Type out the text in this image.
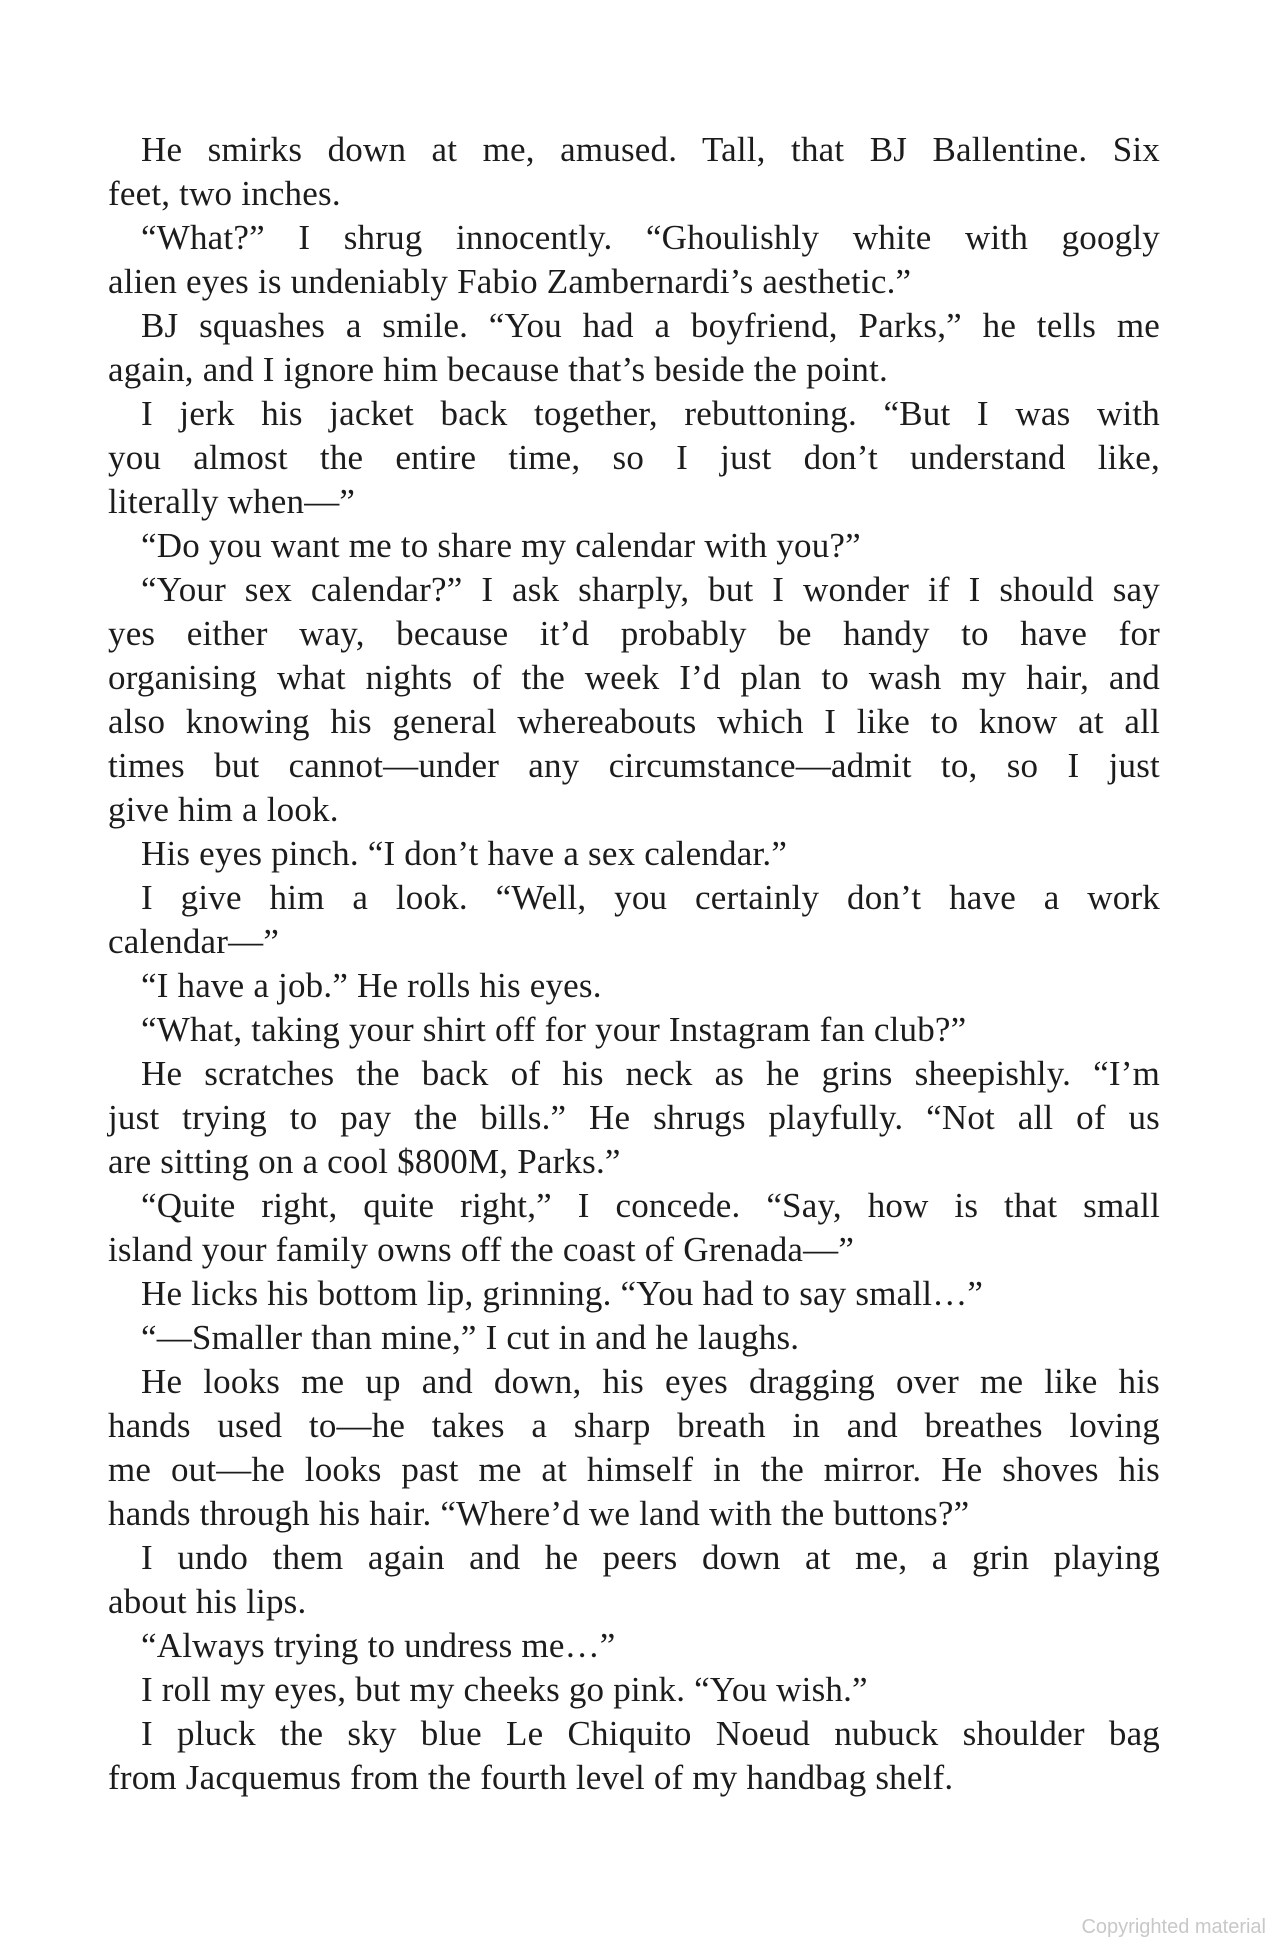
He smirks down at me, amused. Tall, that BJ Ballentine. Six
feet, two inches.
“What?” I shrug innocently. “Ghoulishly white with googly
alien eyes is undeniably Fabio Zambernardi’s aesthetic.”
BJ squashes a smile. “You had a boyfriend, Parks,” he tells me
again, and I ignore him because that’s beside the point.
I jerk his jacket back together, rebuttoning. “But I was with
you almost the entire time, so I just don’t understand like,
literally when—”
“Do you want me to share my calendar with you?”
“Your sex calendar?” I ask sharply, but I wonder if I should say
yes either way, because it’d probably be handy to have for
organising what nights of the week I’d plan to wash my hair, and
also knowing his general whereabouts which I like to know at all
times but cannot—under any circumstance—admit to, so I just
give him a look.
His eyes pinch. “I don’t have a sex calendar.”
I give him a look. “Well, you certainly don’t have a work
calendar—”
“I have a job.” He rolls his eyes.
“What, taking your shirt off for your Instagram fan club?”
He scratches the back of his neck as he grins sheepishly. “I’m
just trying to pay the bills.” He shrugs playfully. “Not all of us
are sitting on a cool $800M, Parks.”
“Quite right, quite right,” I concede. “Say, how is that small
island your family owns off the coast of Grenada—”
He licks his bottom lip, grinning. “You had to say small…”
“—Smaller than mine,” I cut in and he laughs.
He looks me up and down, his eyes dragging over me like his
hands used to—he takes a sharp breath in and breathes loving
me out—he looks past me at himself in the mirror. He shoves his
hands through his hair. “Where’d we land with the buttons?”
I undo them again and he peers down at me, a grin playing
about his lips.
“Always trying to undress me…”
I roll my eyes, but my cheeks go pink. “You wish.”
I pluck the sky blue Le Chiquito Noeud nubuck shoulder bag
from Jacquemus from the fourth level of my handbag shelf.
Copyrighted material
